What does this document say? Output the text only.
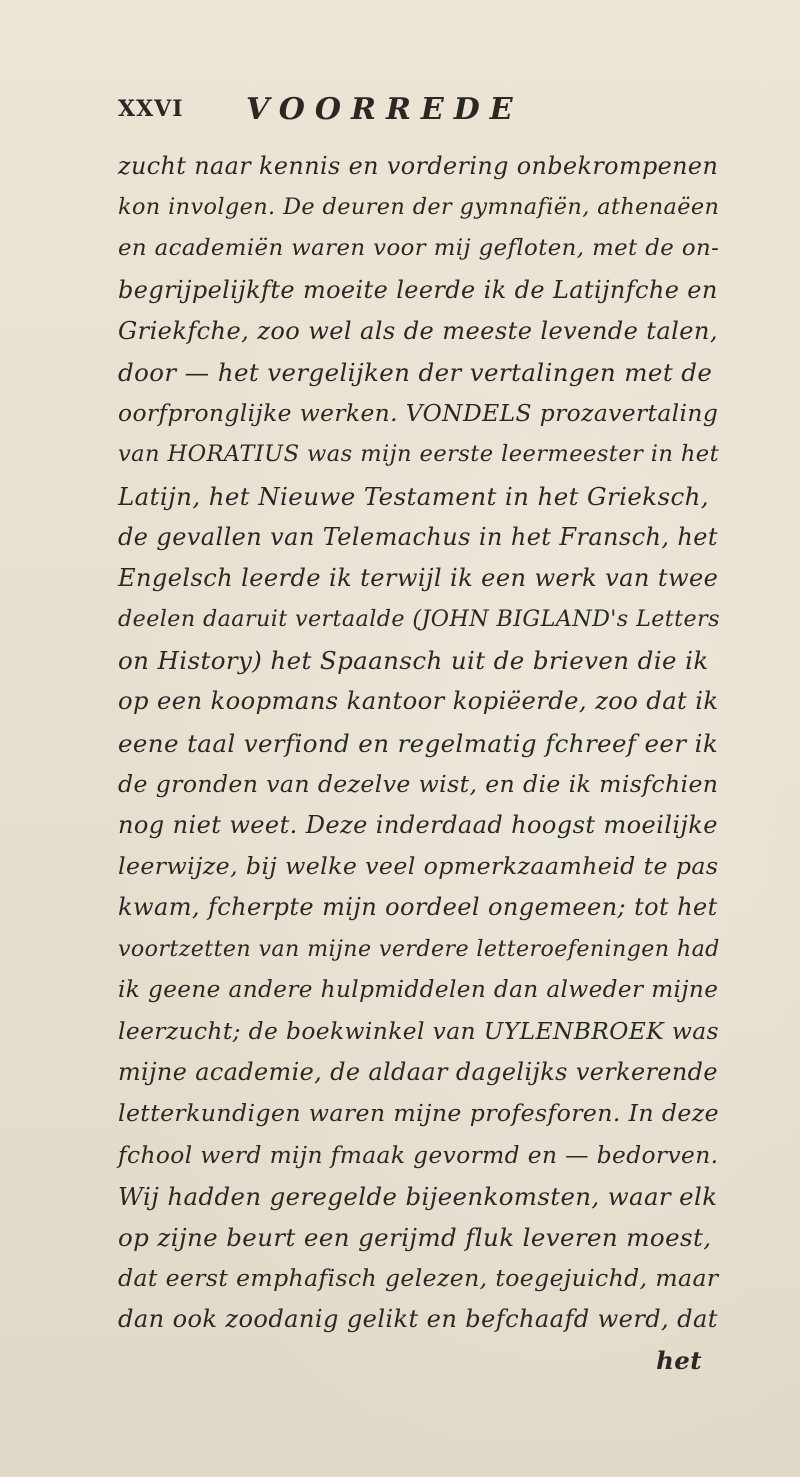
XXVI VOORREDE
zucht naar kennis en vordering onbekrompenen
kon involgen. De deuren der gymnafiën, athenaëen
en academiën waren voor mij gefloten, met de on-
begrijpelijkfte moeite leerde ik de Latijnfche en
Griekfche, zoo wel als de meeste levende talen,
door — het vergelijken der vertalingen met de
oorfpronglijke werken. VONDELS prozavertaling
van HORATIUS was mijn eerste leermeester in het
Latijn, het Nieuwe Testament in het Grieksch,
de gevallen van Telemachus in het Fransch, het
Engelsch leerde ik terwijl ik een werk van twee
deelen daaruit vertaalde (JOHN BIGLAND's Letters
on History) het Spaansch uit de brieven die ik
op een koopmans kantoor kopiëerde, zoo dat ik
eene taal verfiond en regelmatig fchreef eer ik
de gronden van dezelve wist, en die ik misfchien
nog niet weet. Deze inderdaad hoogst moeilijke
leerwijze, bij welke veel opmerkzaamheid te pas
kwam, fcherpte mijn oordeel ongemeen; tot het
voortzetten van mijne verdere letteroefeningen had
ik geene andere hulpmiddelen dan alweder mijne
leerzucht; de boekwinkel van UYLENBROEK was
mijne academie, de aldaar dagelijks verkerende
letterkundigen waren mijne profesforen. In deze
fchool werd mijn fmaak gevormd en — bedorven.
Wij hadden geregelde bijeenkomsten, waar elk
op zijne beurt een gerijmd fluk leveren moest,
dat eerst emphafisch gelezen, toegejuichd, maar
dan ook zoodanig gelikt en befchaafd werd, dat
het
